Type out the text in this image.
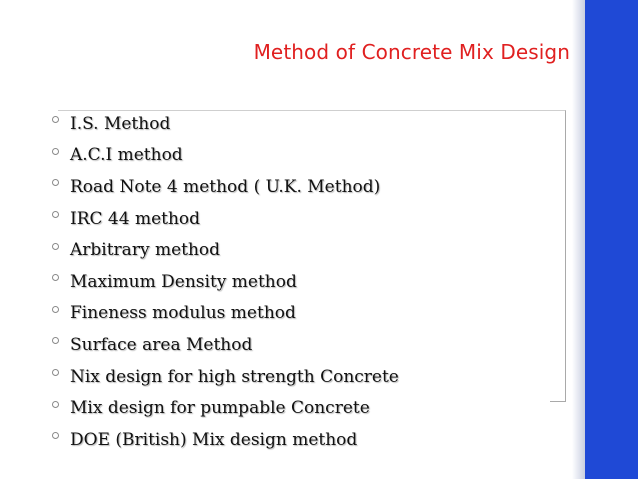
Method of Concrete Mix Design
I.S. Method
A.C.I method
Road Note 4 method ( U.K. Method)
IRC 44 method
Arbitrary method
Maximum Density method
Fineness modulus method
Surface area Method
Nix design for high strength Concrete
Mix design for pumpable Concrete
DOE (British) Mix design method
